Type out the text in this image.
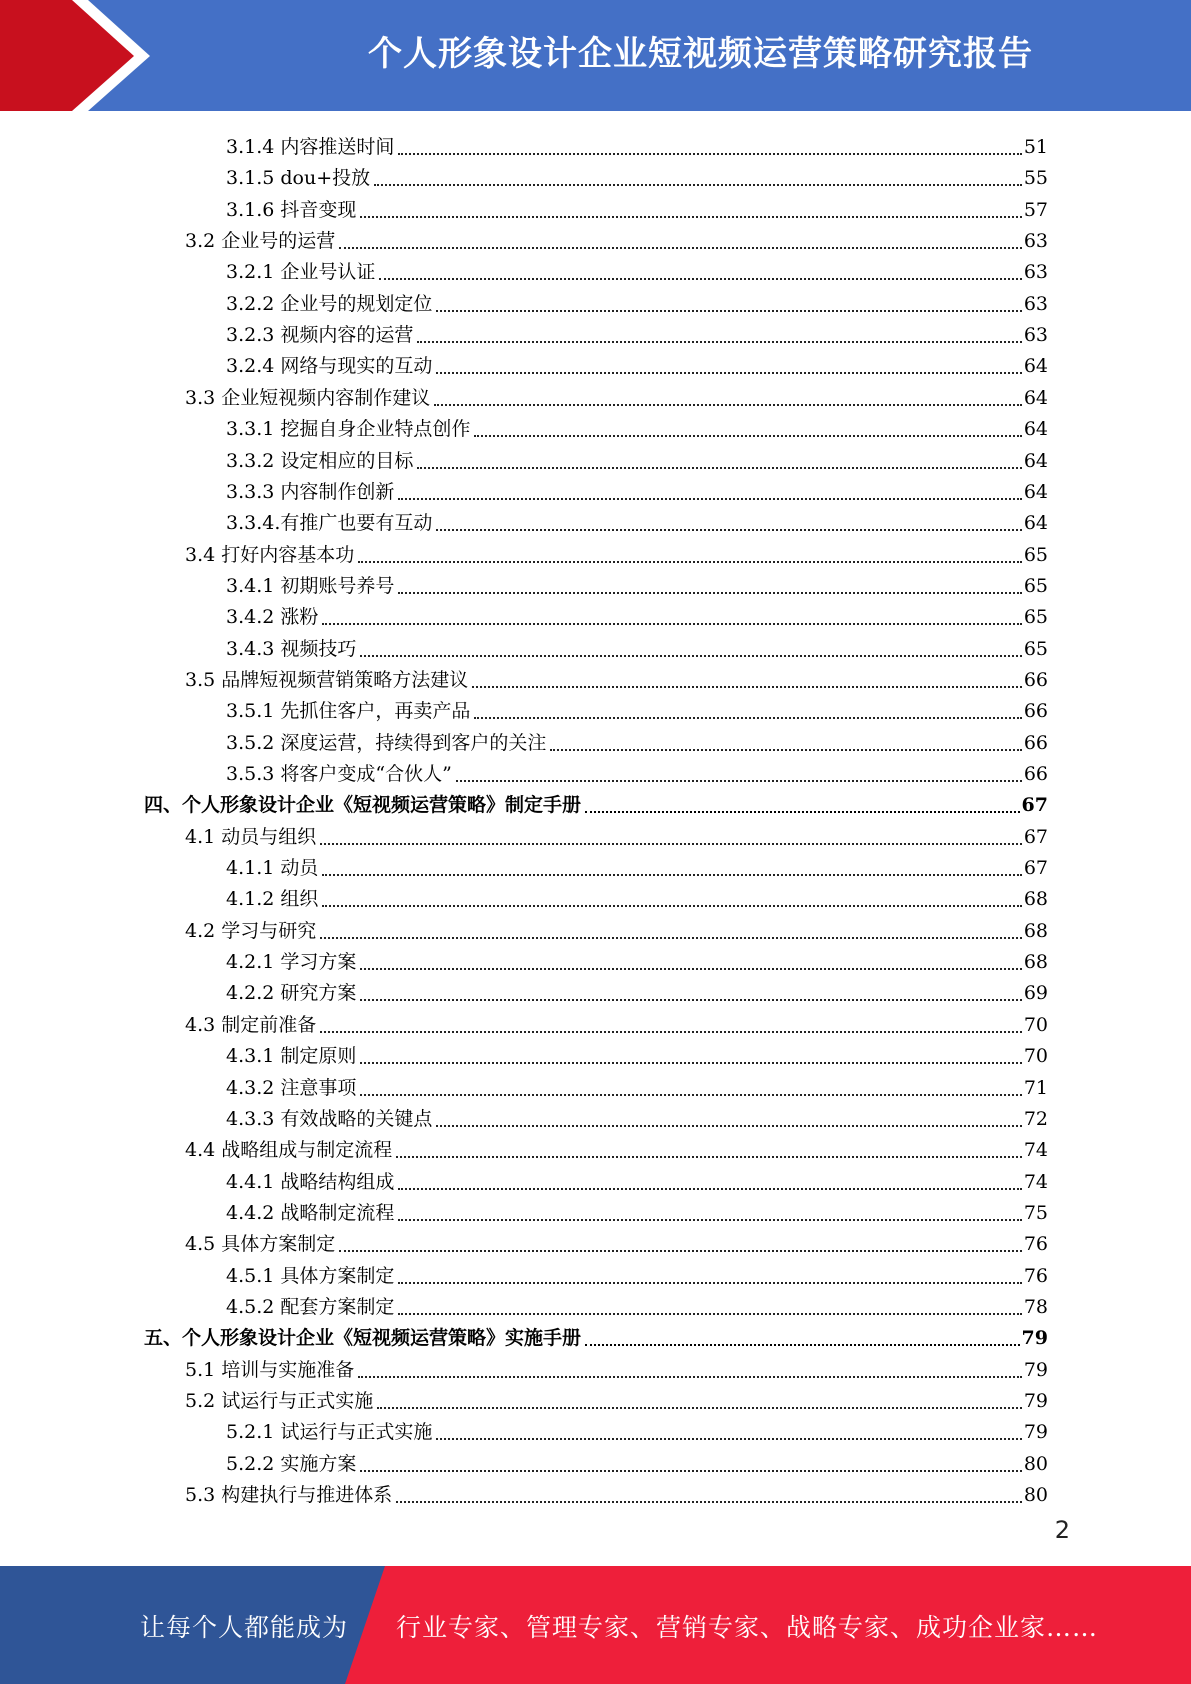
个人形象设计企业短视频运营策略研究报告
3.1.4 内容推送时间	51
3.1.5 dou+投放	55
3.1.6 抖音变现	57
3.2 企业号的运营	63
3.2.1 企业号认证	63
3.2.2 企业号的规划定位	63
3.2.3 视频内容的运营	63
3.2.4 网络与现实的互动	64
3.3 企业短视频内容制作建议	64
3.3.1 挖掘自身企业特点创作	64
3.3.2 设定相应的目标	64
3.3.3 内容制作创新	64
3.3.4.有推广也要有互动	64
3.4 打好内容基本功	65
3.4.1 初期账号养号	65
3.4.2 涨粉	65
3.4.3 视频技巧	65
3.5 品牌短视频营销策略方法建议	66
3.5.1 先抓住客户，再卖产品	66
3.5.2 深度运营，持续得到客户的关注	66
3.5.3 将客户变成“合伙人”	66
四、个人形象设计企业《短视频运营策略》制定手册	67
4.1 动员与组织	67
4.1.1 动员	67
4.1.2 组织	68
4.2 学习与研究	68
4.2.1 学习方案	68
4.2.2 研究方案	69
4.3 制定前准备	70
4.3.1 制定原则	70
4.3.2 注意事项	71
4.3.3 有效战略的关键点	72
4.4 战略组成与制定流程	74
4.4.1 战略结构组成	74
4.4.2 战略制定流程	75
4.5 具体方案制定	76
4.5.1 具体方案制定	76
4.5.2 配套方案制定	78
五、个人形象设计企业《短视频运营策略》实施手册	79
5.1 培训与实施准备	79
5.2 试运行与正式实施	79
5.2.1 试运行与正式实施	79
5.2.2 实施方案	80
5.3 构建执行与推进体系	80
2
让每个人都能成为 行业专家、管理专家、营销专家、战略专家、成功企业家……
